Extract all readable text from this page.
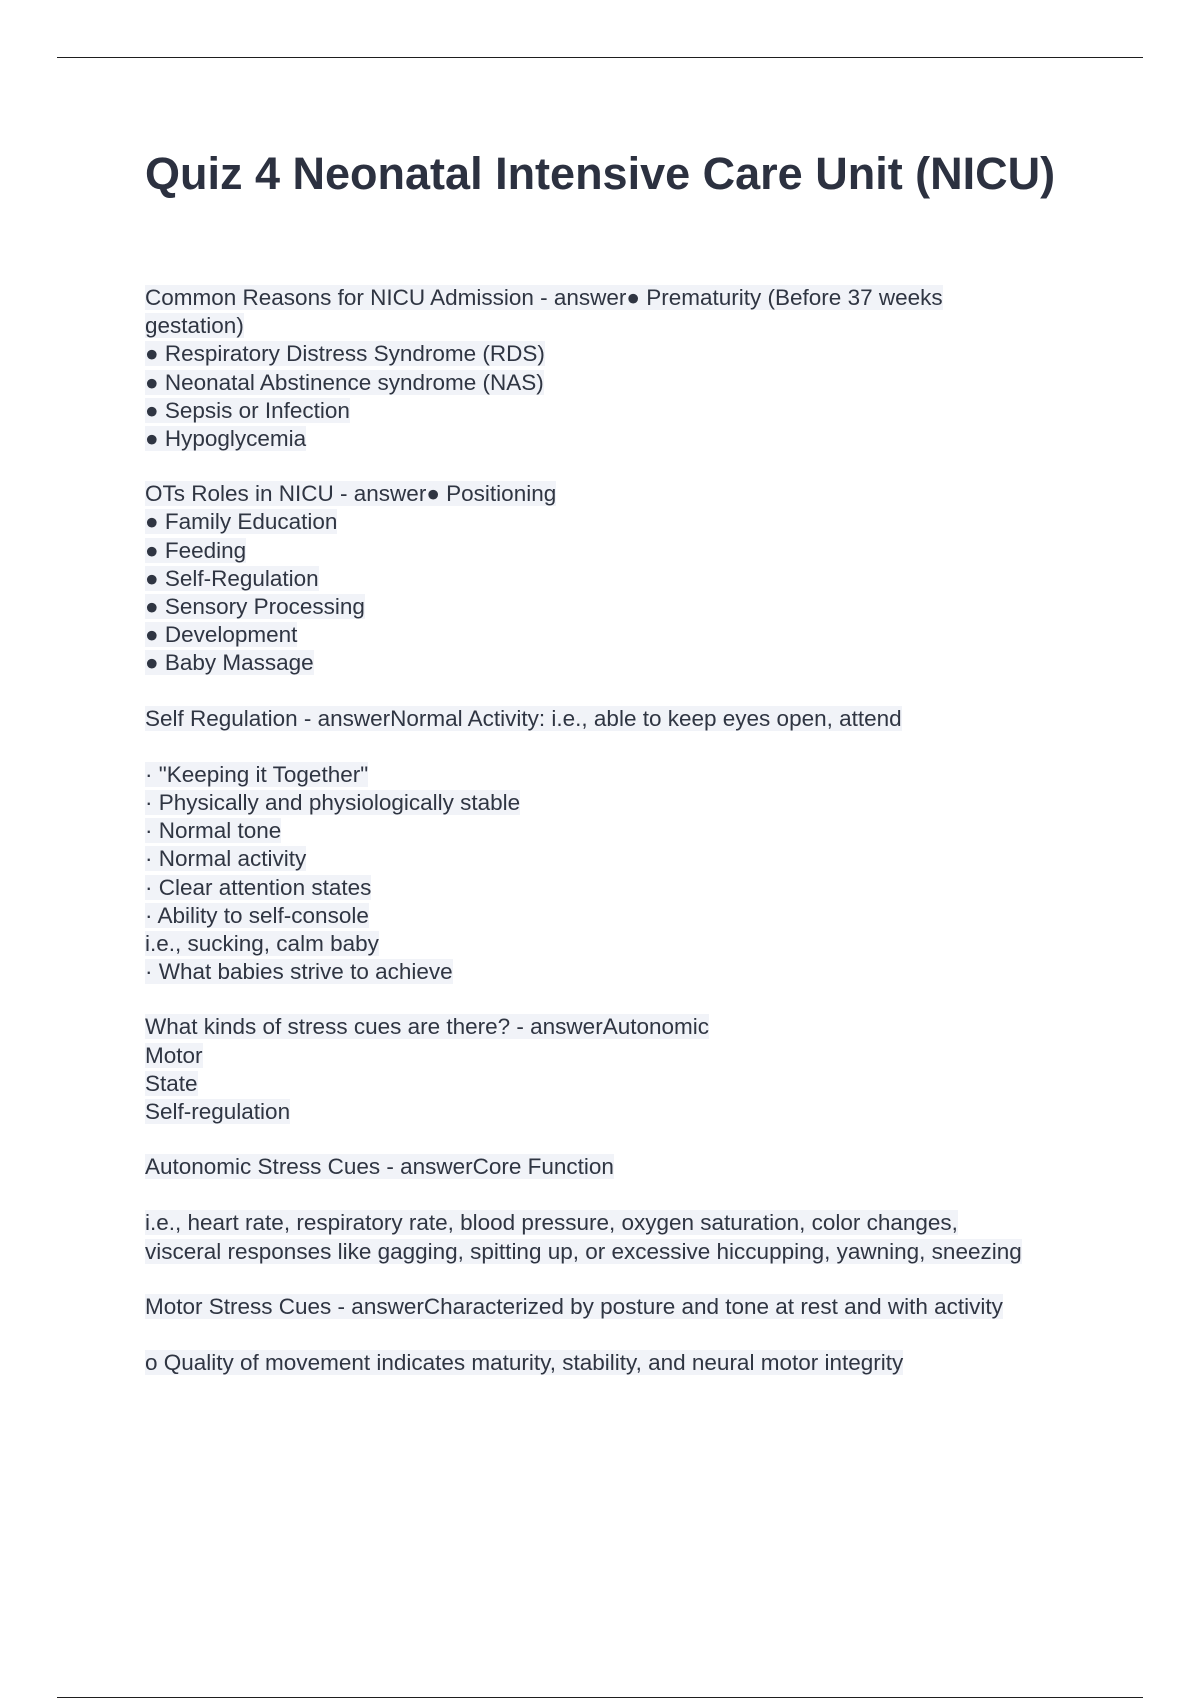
Quiz 4 Neonatal Intensive Care Unit (NICU)
Common Reasons for NICU Admission - answer● Prematurity (Before 37 weeks
gestation)
● Respiratory Distress Syndrome (RDS)
● Neonatal Abstinence syndrome (NAS)
● Sepsis or Infection
● Hypoglycemia
OTs Roles in NICU - answer● Positioning
● Family Education
● Feeding
● Self-Regulation
● Sensory Processing
● Development
● Baby Massage
Self Regulation - answerNormal Activity: i.e., able to keep eyes open, attend
· "Keeping it Together"
· Physically and physiologically stable
· Normal tone
· Normal activity
· Clear attention states
· Ability to self-console
i.e., sucking, calm baby
· What babies strive to achieve
What kinds of stress cues are there? - answerAutonomic
Motor
State
Self-regulation
Autonomic Stress Cues - answerCore Function
i.e., heart rate, respiratory rate, blood pressure, oxygen saturation, color changes,
visceral responses like gagging, spitting up, or excessive hiccupping, yawning, sneezing
Motor Stress Cues - answerCharacterized by posture and tone at rest and with activity
o Quality of movement indicates maturity, stability, and neural motor integrity
